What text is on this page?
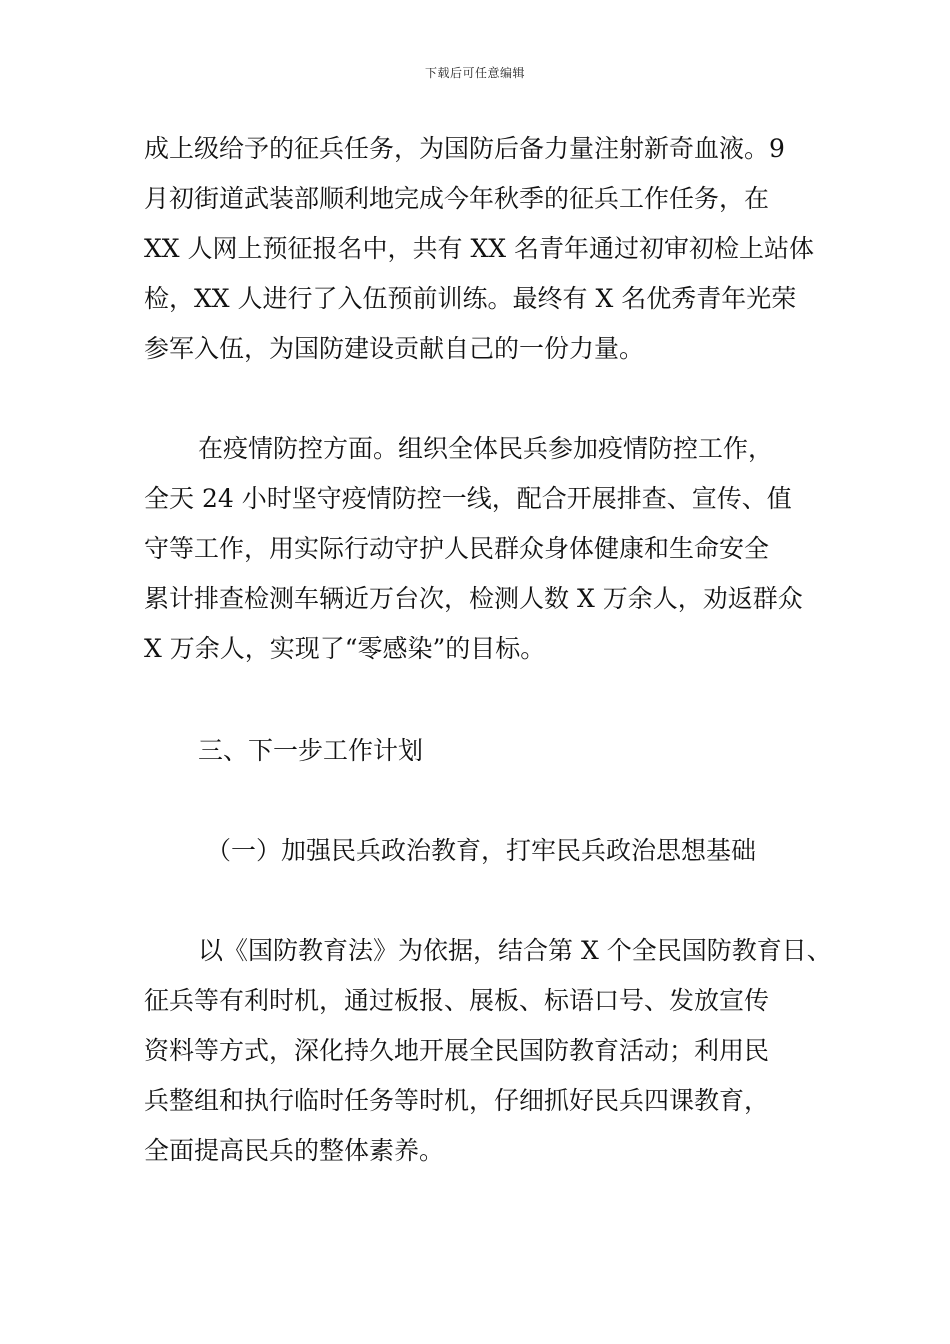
下载后可任意编辑

成上级给予的征兵任务，为国防后备力量注射新奇血液。9
月初街道武装部顺利地完成今年秋季的征兵工作任务，在
XX 人网上预征报名中，共有 XX 名青年通过初审初检上站体
检，XX 人进行了入伍预前训练。最终有 X 名优秀青年光荣
参军入伍，为国防建设贡献自己的一份力量。

在疫情防控方面。组织全体民兵参加疫情防控工作，
全天 24 小时坚守疫情防控一线，配合开展排查、宣传、值
守等工作，用实际行动守护人民群众身体健康和生命安全
累计排查检测车辆近万台次，检测人数 X 万余人，劝返群众
X 万余人，实现了“零感染”的目标。

三、下一步工作计划

（一）加强民兵政治教育，打牢民兵政治思想基础

以《国防教育法》为依据，结合第 X 个全民国防教育日、
征兵等有利时机，通过板报、展板、标语口号、发放宣传
资料等方式，深化持久地开展全民国防教育活动；利用民
兵整组和执行临时任务等时机，仔细抓好民兵四课教育，
全面提高民兵的整体素养。
